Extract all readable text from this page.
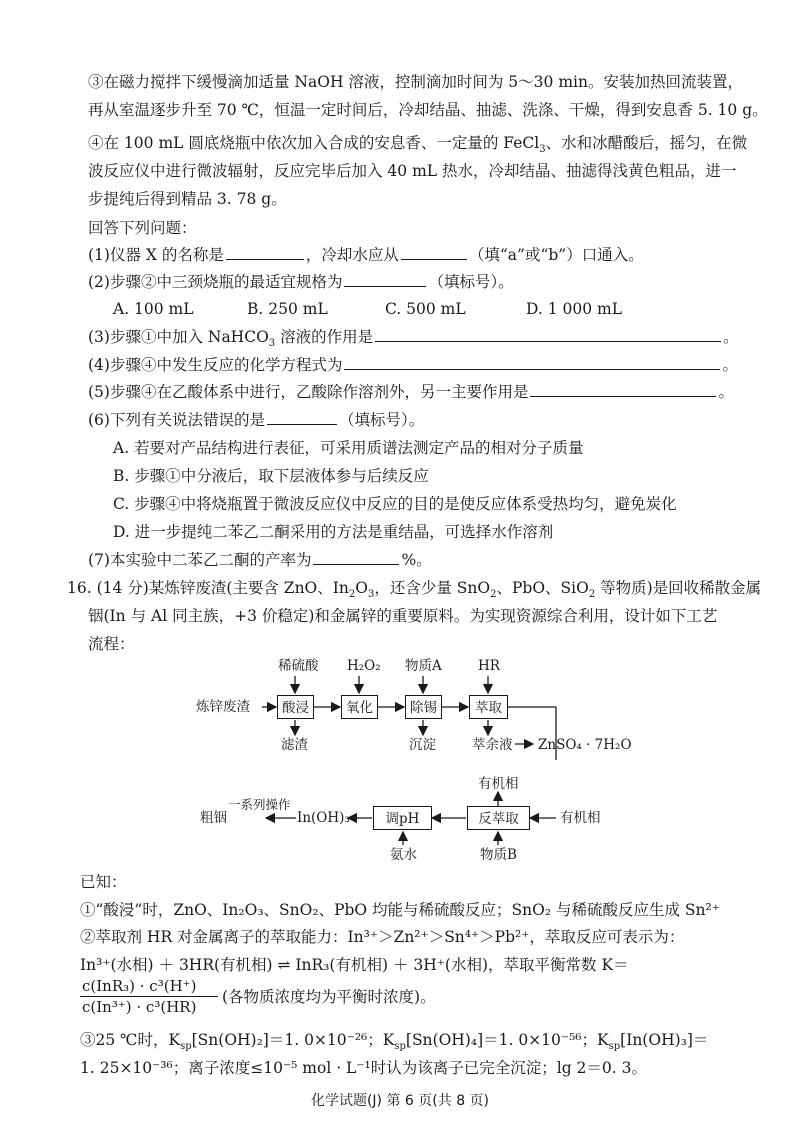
③在磁力搅拌下缓慢滴加适量 NaOH 溶液，控制滴加时间为 5～30 min。安装加热回流装置，
再从室温逐步升至 70 ℃，恒温一定时间后，冷却结晶、抽滤、洗涤、干燥，得到安息香 5. 10 g。
④在 100 mL 圆底烧瓶中依次加入合成的安息香、一定量的 FeCl$_3$、水和冰醋酸后，摇匀，在微
波反应仪中进行微波辐射，反应完毕后加入 40 mL 热水，冷却结晶、抽滤得浅黄色粗品，进一
步提纯后得到精品 3. 78 g。
回答下列问题：
(1)仪器 X 的名称是	，冷却水应从	（填“a”或“b”）口通入。
(2)步骤②中三颈烧瓶的最适宜规格为	（填标号）。
A. 100 mL	B. 250 mL	C. 500 mL	D. 1 000 mL
(3)步骤①中加入 NaHCO$_3$ 溶液的作用是	。
(4)步骤④中发生反应的化学方程式为	。
(5)步骤④在乙酸体系中进行，乙酸除作溶剂外，另一主要作用是	。
(6)下列有关说法错误的是	（填标号）。
A. 若要对产品结构进行表征，可采用质谱法测定产品的相对分子质量
B. 步骤①中分液后，取下层液体参与后续反应
C. 步骤④中将烧瓶置于微波反应仪中反应的目的是使反应体系受热均匀，避免炭化
D. 进一步提纯二苯乙二酮采用的方法是重结晶，可选择水作溶剂
(7)本实验中二苯乙二酮的产率为	%。
16. (14 分)某炼锌废渣(主要含 ZnO、$In_2O_3$，还含少量 SnO$_2$、PbO、SiO$_2$ 等物质)是回收稀散金属
铟(In 与 Al 同主族，+3 价稳定)和金属锌的重要原料。为实现资源综合利用，设计如下工艺
流程：
炼锌废渣	酸浸	氧化	除锡	萃取
稀硫酸 H₂O₂ 物质A	HR
滤渣	沉淀	萃余液 ZnSO₄ · 7H₂O
有机相
有机相
调pH	反萃取
In(OH)₃
一系列操作
粗铟
氨水	物质B
已知：
①“酸浸”时，ZnO、In₂O₃、SnO₂、PbO 均能与稀硫酸反应；SnO₂ 与稀硫酸反应生成 Sn²⁺
②萃取剂 HR 对金属离子的萃取能力：In³⁺＞Zn²⁺＞Sn⁴⁺＞Pb²⁺，萃取反应可表示为：
In³⁺(水相) ＋ 3HR(有机相) ⇌ InR₃(有机相) ＋ 3H⁺(水相)，萃取平衡常数 K＝
c(InR₃) · c³(H⁺)
c(In³⁺) · c³(HR)
(各物质浓度均为平衡时浓度)。
③25 ℃时，$K_{sp}[Sn(OH)_2]=1$. 0×10⁻²⁶；$K_{sp}[Sn(OH)_4]=1$. 0×10⁻⁵⁶；$K_{sp}[In(OH)_3]=$
1. 25×10⁻³⁶；离子浓度≤10⁻⁵ mol · L⁻¹时认为该离子已完全沉淀；lg 2＝0. 3。
化学试题(J) 第 6 页(共 8 页)
